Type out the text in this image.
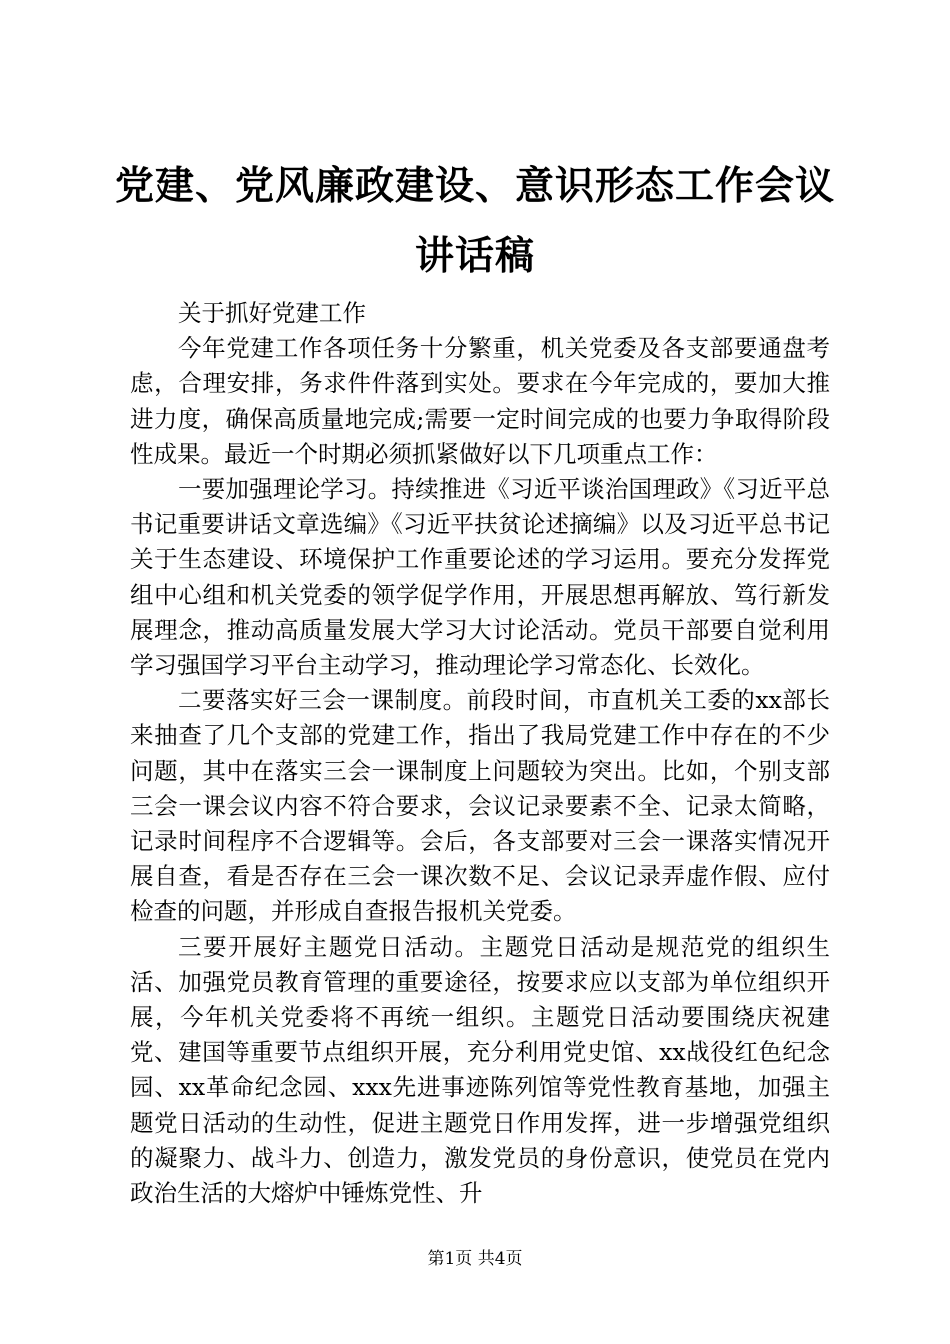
党建、党风廉政建设、意识形态工作会议讲话稿

关于抓好党建工作

今年党建工作各项任务十分繁重，机关党委及各支部要通盘考虑，合理安排，务求件件落到实处。要求在今年完成的，要加大推进力度，确保高质量地完成;需要一定时间完成的也要力争取得阶段性成果。最近一个时期必须抓紧做好以下几项重点工作：

一要加强理论学习。持续推进《习近平谈治国理政》《习近平总书记重要讲话文章选编》《习近平扶贫论述摘编》以及习近平总书记关于生态建设、环境保护工作重要论述的学习运用。要充分发挥党组中心组和机关党委的领学促学作用，开展思想再解放、笃行新发展理念，推动高质量发展大学习大讨论活动。党员干部要自觉利用学习强国学习平台主动学习，推动理论学习常态化、长效化。

二要落实好三会一课制度。前段时间，市直机关工委的xx部长来抽查了几个支部的党建工作，指出了我局党建工作中存在的不少问题，其中在落实三会一课制度上问题较为突出。比如，个别支部三会一课会议内容不符合要求，会议记录要素不全、记录太简略，记录时间程序不合逻辑等。会后，各支部要对三会一课落实情况开展自查，看是否存在三会一课次数不足、会议记录弄虚作假、应付检查的问题，并形成自查报告报机关党委。

三要开展好主题党日活动。主题党日活动是规范党的组织生活、加强党员教育管理的重要途径，按要求应以支部为单位组织开展，今年机关党委将不再统一组织。主题党日活动要围绕庆祝建党、建国等重要节点组织开展，充分利用党史馆、xx战役红色纪念园、xx革命纪念园、xxx先进事迹陈列馆等党性教育基地，加强主题党日活动的生动性，促进主题党日作用发挥，进一步增强党组织的凝聚力、战斗力、创造力，激发党员的身份意识，使党员在党内政治生活的大熔炉中锤炼党性、升

第1页 共4页
